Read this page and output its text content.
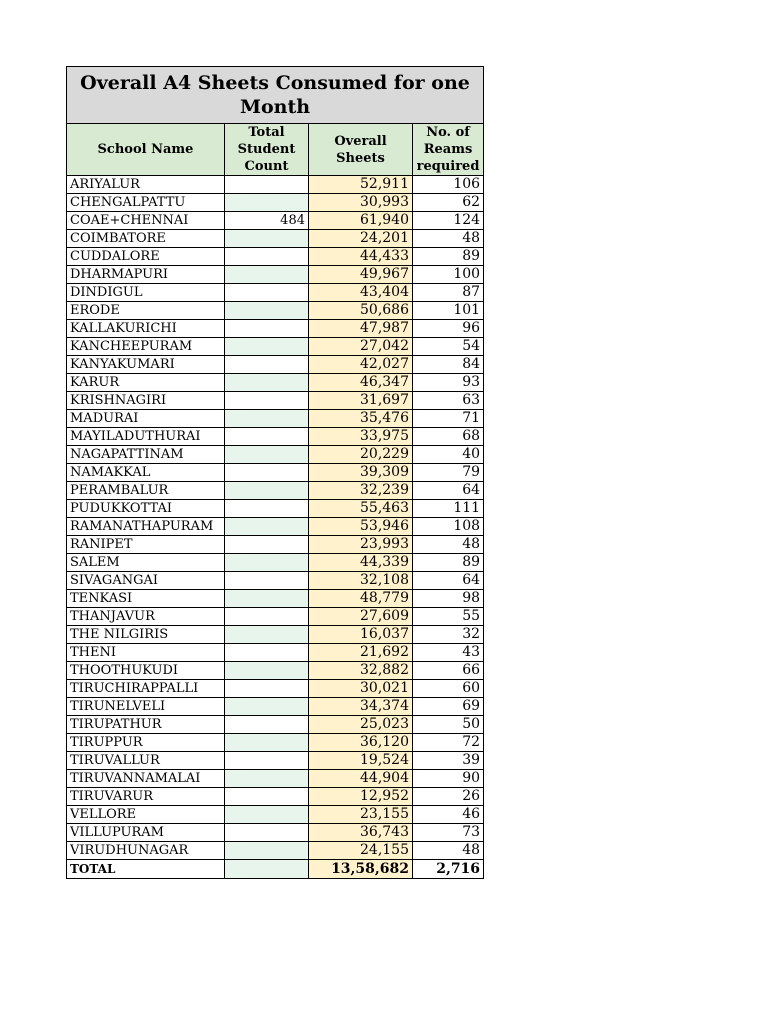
Overall A4 Sheets Consumed for one Month			
School Name	Total Student Count	Overall Sheets	No. of Reams required
ARIYALUR		52,911	106
CHENGALPATTU		30,993	62
COAE+CHENNAI	484	61,940	124
COIMBATORE		24,201	48
CUDDALORE		44,433	89
DHARMAPURI		49,967	100
DINDIGUL		43,404	87
ERODE		50,686	101
KALLAKURICHI		47,987	96
KANCHEEPURAM		27,042	54
KANYAKUMARI		42,027	84
KARUR		46,347	93
KRISHNAGIRI		31,697	63
MADURAI		35,476	71
MAYILADUTHURAI		33,975	68
NAGAPATTINAM		20,229	40
NAMAKKAL		39,309	79
PERAMBALUR		32,239	64
PUDUKKOTTAI		55,463	111
RAMANATHAPURAM		53,946	108
RANIPET		23,993	48
SALEM		44,339	89
SIVAGANGAI		32,108	64
TENKASI		48,779	98
THANJAVUR		27,609	55
THE NILGIRIS		16,037	32
THENI		21,692	43
THOOTHUKUDI		32,882	66
TIRUCHIRAPPALLI		30,021	60
TIRUNELVELI		34,374	69
TIRUPATHUR		25,023	50
TIRUPPUR		36,120	72
TIRUVALLUR		19,524	39
TIRUVANNAMALAI		44,904	90
TIRUVARUR		12,952	26
VELLORE		23,155	46
VILLUPURAM		36,743	73
VIRUDHUNAGAR		24,155	48
TOTAL		13,58,682	2,716
